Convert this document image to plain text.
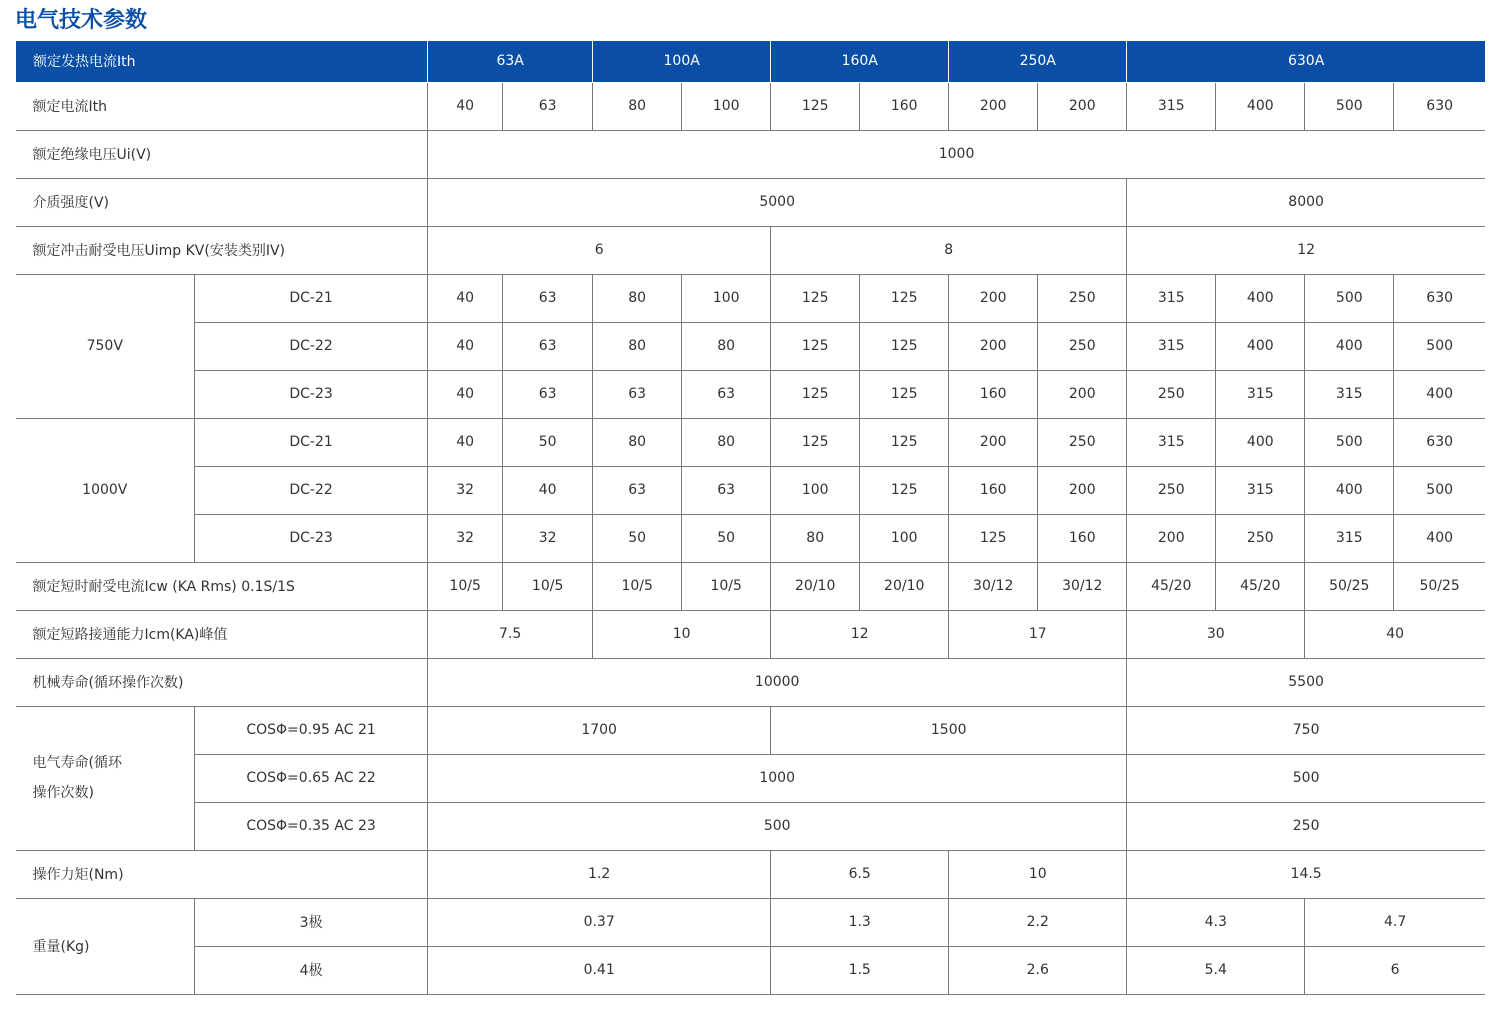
电气技术参数
额定发热电流Ith		63A		100A		160A		250A		630A			
额定电流Ith		40	63	80	100	125	160	200	200	315	400	500	630
额定绝缘电压Ui(V)		1000											
介质强度(V)		5000								8000			
额定冲击耐受电压Uimp KV(安装类别IV)		6				8				12			
750V	DC-21	40	63	80	100	125	125	200	250	315	400	500	630
	DC-22	40	63	80	80	125	125	200	250	315	400	400	500
	DC-23	40	63	63	63	125	125	160	200	250	315	315	400
1000V	DC-21	40	50	80	80	125	125	200	250	315	400	500	630
	DC-22	32	40	63	63	100	125	160	200	250	315	400	500
	DC-23	32	32	50	50	80	100	125	160	200	250	315	400
额定短时耐受电流Icw (KA Rms) 0.1S/1S		10/5	10/5	10/5	10/5	20/10	20/10	30/12	30/12	45/20	45/20	50/25	50/25
额定短路接通能力Icm(KA)峰值		7.5		10		12		17		30		40	
机械寿命(循环操作次数)		10000								5500			

电气寿命(循环
操作次数)	COSΦ=0.95 AC 21	1700				1500				750			
	COSΦ=0.65 AC 22	1000								500			
	COSΦ=0.35 AC 23	500								250			
操作力矩(Nm)		1.2				6.5		10		14.5			
重量(Kg)	3极	0.37				1.3		2.2		4.3		4.7	
	4极	0.41				1.5		2.6		5.4		6	
